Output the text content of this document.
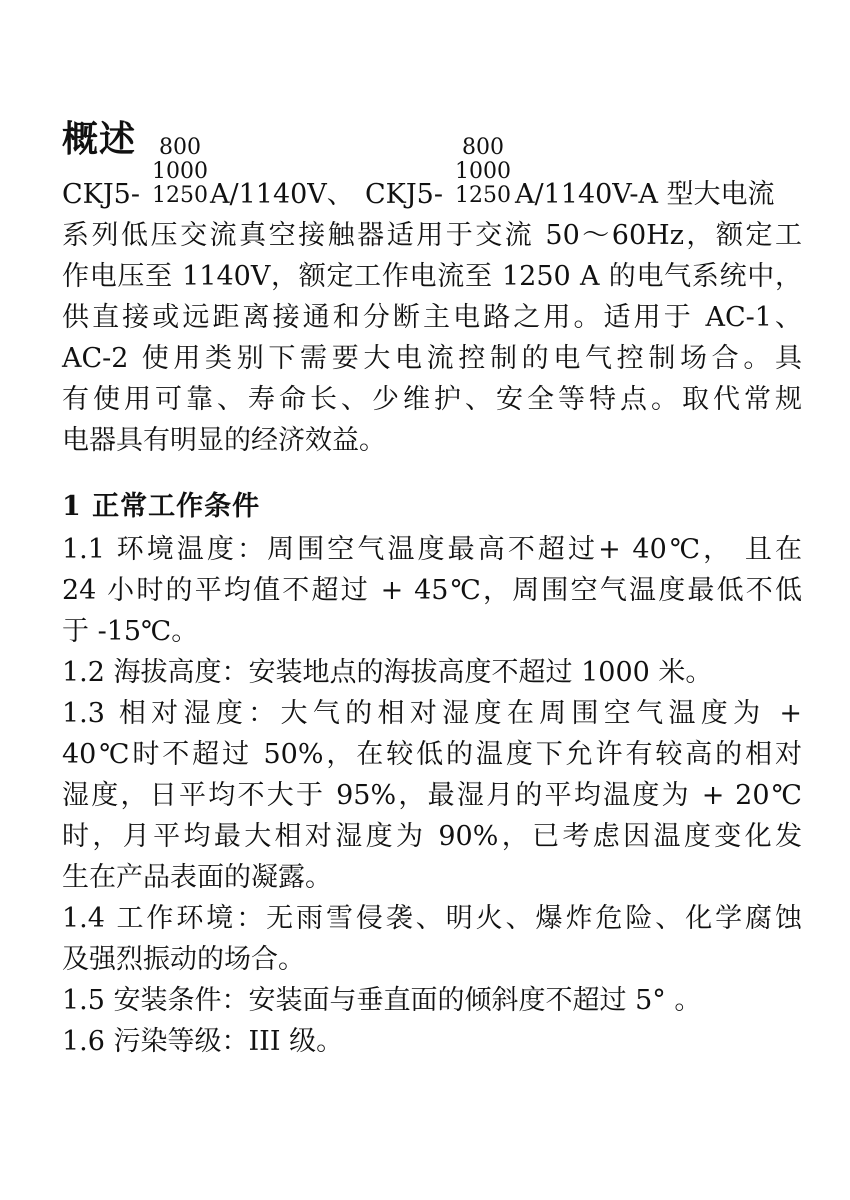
概述
CKJ5-
800
1000
1250 A/1140V、 CKJ5-
800
1000
1250 A/1140V-A 型大电流
系列低压交流真空接触器适用于交流 50～60Hz，额定工
作电压至 1140V，额定工作电流至 1250 A 的电气系统中，
供直接或远距离接通和分断主电路之用。适用于 AC-1、
AC-2 使用类别下需要大电流控制的电气控制场合。具
有使用可靠、寿命长、少维护、安全等特点。取代常规
电器具有明显的经济效益。
1 正常工作条件
1.1 环境温度：周围空气温度最高不超过+ 40℃， 且在
24 小时的平均值不超过 + 45℃，周围空气温度最低不低
于 -15℃。
1.2 海拔高度：安装地点的海拔高度不超过 1000 米。
1.3 相对湿度：大气的相对湿度在周围空气温度为 +
40℃时不超过 50%，在较低的温度下允许有较高的相对
湿度，日平均不大于 95%，最湿月的平均温度为 + 20℃
时，月平均最大相对湿度为 90%，已考虑因温度变化发
生在产品表面的凝露。
1.4 工作环境：无雨雪侵袭、明火、爆炸危险、化学腐蚀
及强烈振动的场合。
1.5 安装条件：安装面与垂直面的倾斜度不超过 5° 。
1.6 污染等级：III 级。
